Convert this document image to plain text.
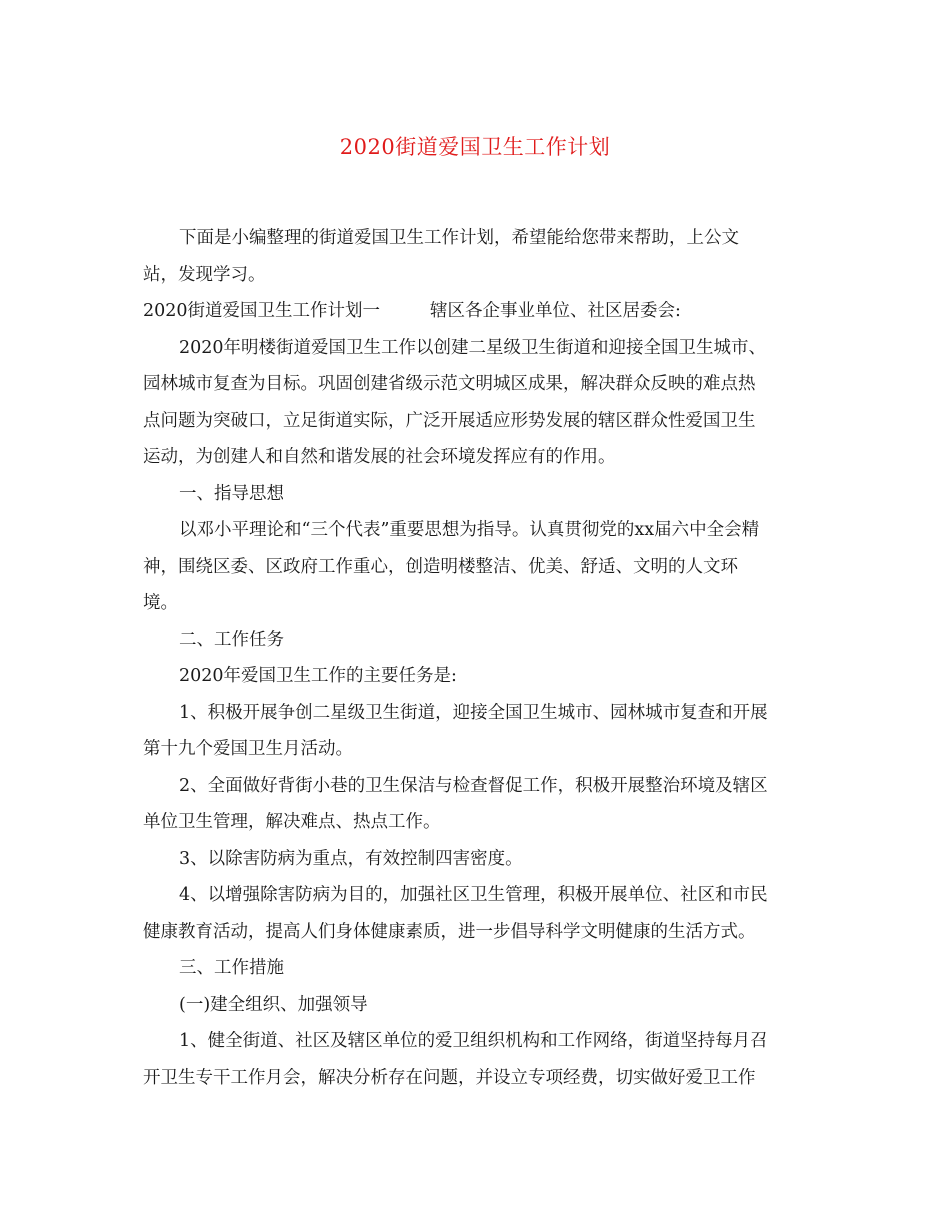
2020街道爱国卫生工作计划

下面是小编整理的街道爱国卫生工作计划，希望能给您带来帮助，上公文

站，发现学习。

2020街道爱国卫生工作计划一	辖区各企事业单位、社区居委会:

2020年明楼街道爱国卫生工作以创建二星级卫生街道和迎接全国卫生城市、

园林城市复查为目标。巩固创建省级示范文明城区成果，解决群众反映的难点热

点问题为突破口，立足街道实际，广泛开展适应形势发展的辖区群众性爱国卫生

运动，为创建人和自然和谐发展的社会环境发挥应有的作用。

一、指导思想

以邓小平理论和“三个代表”重要思想为指导。认真贯彻党的xx届六中全会精

神，围绕区委、区政府工作重心，创造明楼整洁、优美、舒适、文明的人文环

境。

二、工作任务

2020年爱国卫生工作的主要任务是:

1、积极开展争创二星级卫生街道，迎接全国卫生城市、园林城市复查和开展

第十九个爱国卫生月活动。

2、全面做好背街小巷的卫生保洁与检查督促工作，积极开展整治环境及辖区

单位卫生管理，解决难点、热点工作。

3、以除害防病为重点，有效控制四害密度。

4、以增强除害防病为目的，加强社区卫生管理，积极开展单位、社区和市民

健康教育活动，提高人们身体健康素质，进一步倡导科学文明健康的生活方式。

三、工作措施

(一)建全组织、加强领导

1、健全街道、社区及辖区单位的爱卫组织机构和工作网络，街道坚持每月召

开卫生专干工作月会，解决分析存在问题，并设立专项经费，切实做好爱卫工作
